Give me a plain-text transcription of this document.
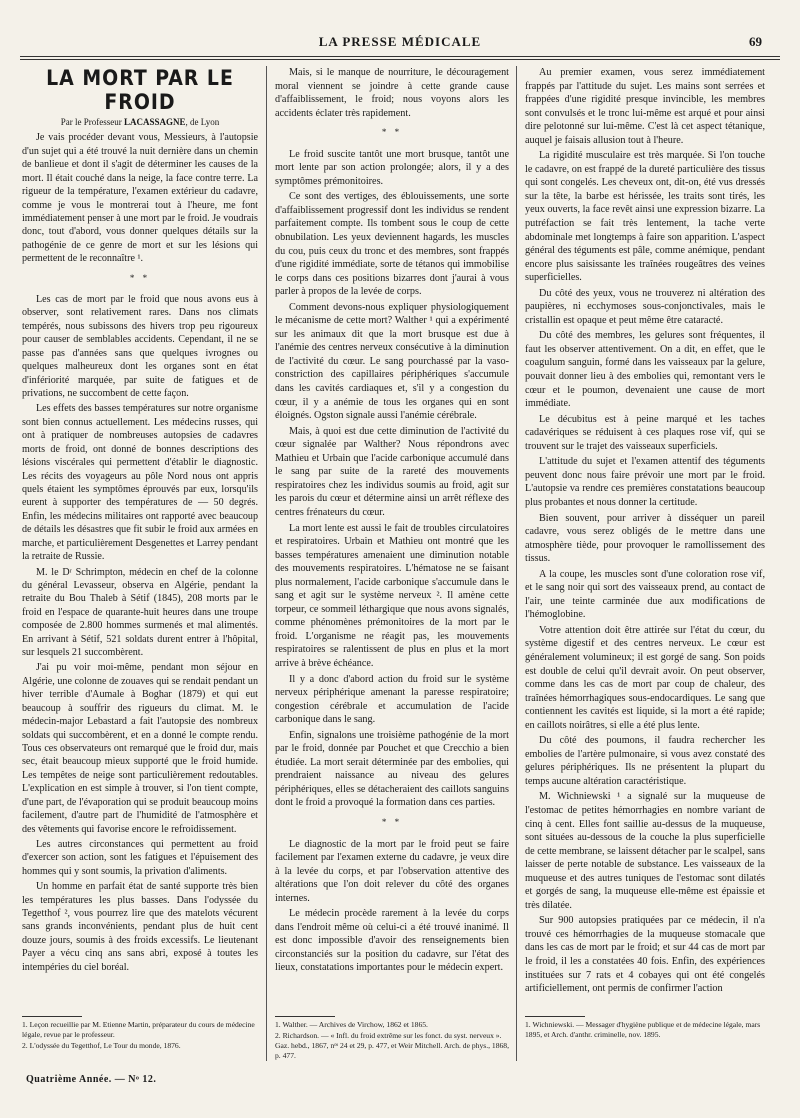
LA PRESSE MÉDICALE	69

LA MORT PAR LE FROID

Par le Professeur LACASSAGNE, de Lyon

Je vais procéder devant vous, Messieurs, à l'autopsie d'un sujet qui a été trouvé la nuit dernière dans un chemin de banlieue et dont il s'agit de déterminer les causes de la mort. Il était couché dans la neige, la face contre terre. La rigueur de la température, l'examen extérieur du cadavre, comme je vous le montrerai tout à l'heure, me font immédiatement penser à une mort par le froid. Je voudrais donc, tout d'abord, vous donner quelques détails sur la pathogénie de ce genre de mort et sur les lésions qui permettent de le reconnaître ¹.

* *

Les cas de mort par le froid que nous avons eus à observer, sont relativement rares. Dans nos climats tempérés, nous subissons des hivers trop peu rigoureux pour causer de semblables accidents. Cependant, il ne se passe pas d'années sans que quelques ivrognes ou quelques malheureux dont les organes sont en état d'infériorité marquée, par suite de fatigues et de privations, ne succombent de cette façon.

Les effets des basses températures sur notre organisme sont bien connus actuellement. Les médecins russes, qui ont à pratiquer de nombreuses autopsies de cadavres morts de froid, ont donné de bonnes descriptions des lésions viscérales qui permettent d'établir le diagnostic. Les récits des voyageurs au pôle Nord nous ont appris quels étaient les symptômes éprouvés par eux, lorsqu'ils eurent à supporter des températures de — 50 degrés. Enfin, les médecins militaires ont rapporté avec beaucoup de détails les désastres que fit subir le froid aux armées en marche, et particulièrement Desgenettes et Larrey pendant la retraite de Russie.

M. le Dʳ Schrimpton, médecin en chef de la colonne du général Levasseur, observa en Algérie, pendant la retraite du Bou Thaleb à Sétif (1845), 208 morts par le froid en l'espace de quarante-huit heures dans une troupe composée de 2.800 hommes surmenés et mal alimentés. En arrivant à Sétif, 521 soldats durent entrer à l'hôpital, sur lesquels 21 succombèrent.

J'ai pu voir moi-même, pendant mon séjour en Algérie, une colonne de zouaves qui se rendait pendant un hiver terrible d'Aumale à Boghar (1879) et qui eut beaucoup à souffrir des rigueurs du climat. M. le médecin-major Lebastard a fait l'autopsie des nombreux soldats qui succombèrent, et en a donné le compte rendu. Tous ces observateurs ont remarqué que le froid dur, mais sec, était beaucoup mieux supporté que le froid humide. Les tempêtes de neige sont particulièrement redoutables. L'explication en est simple à trouver, si l'on tient compte, d'une part, de l'évaporation qui se produit beaucoup moins facilement, d'autre part de l'humidité de l'atmosphère et des vêtements qui favorise encore le refroidissement.

Les autres circonstances qui permettent au froid d'exercer son action, sont les fatigues et l'épuisement des hommes qui y sont soumis, la privation d'aliments.

Un homme en parfait état de santé supporte très bien les températures les plus basses. Dans l'odyssée du Tegetthof ², vous pourrez lire que des matelots vécurent sans grands inconvénients, pendant plus de huit cent douze jours, soumis à des froids excessifs. Le lieutenant Payer a vécu cinq ans sans abri, exposé à toutes les intempéries du ciel boréal.

Mais, si le manque de nourriture, le découragement moral viennent se joindre à cette grande cause d'affaiblissement, le froid; nous voyons alors les accidents éclater très rapidement.

* *

Le froid suscite tantôt une mort brusque, tantôt une mort lente par son action prolongée; alors, il y a des symptômes prémonitoires.

Ce sont des vertiges, des éblouissements, une sorte d'affaiblissement progressif dont les individus se rendent parfaitement compte. Ils tombent sous le coup de cette obnubilation. Les yeux deviennent hagards, les muscles du cou, puis ceux du tronc et des membres, sont frappés d'une rigidité immédiate, sorte de tétanos qui immobilise le corps dans ces positions bizarres dont j'aurai à vous parler à propos de la levée de corps.

Comment devons-nous expliquer physiologiquement le mécanisme de cette mort? Walther ¹ qui a expérimenté sur les animaux dit que la mort brusque est due à l'anémie des centres nerveux consécutive à la diminution de l'activité du cœur. Le sang pourchassé par la vaso-constriction des capillaires périphériques s'accumule dans les cavités cardiaques et, s'il y a congestion du cœur, il y a anémie de tous les organes qui en sont éloignés. Ogston signale aussi l'anémie cérébrale.

Mais, à quoi est due cette diminution de l'activité du cœur signalée par Walther? Nous répondrons avec Mathieu et Urbain que l'acide carbonique accumulé dans le sang par suite de la rareté des mouvements respiratoires chez les individus soumis au froid, agit sur les parois du cœur et détermine ainsi un arrêt réflexe des centres frénateurs du cœur.

La mort lente est aussi le fait de troubles circulatoires et respiratoires. Urbain et Mathieu ont montré que les basses températures amenaient une diminution notable des mouvements respiratoires. L'hématose ne se faisant plus normalement, l'acide carbonique s'accumule dans le sang et agit sur le système nerveux ². Il amène cette torpeur, ce sommeil léthargique que nous avons signalés, comme phénomènes prémonitoires de la mort par le froid. L'organisme ne réagit pas, les mouvements respiratoires se ralentissent de plus en plus et la mort arrive à brève échéance.

Il y a donc d'abord action du froid sur le système nerveux périphérique amenant la paresse respiratoire; congestion cérébrale et accumulation de l'acide carbonique dans le sang.

Enfin, signalons une troisième pathogénie de la mort par le froid, donnée par Pouchet et que Crecchio a bien étudiée. La mort serait déterminée par des embolies, qui prendraient naissance au niveau des gelures périphériques, elles se détacheraient des caillots sanguins dont le froid a provoqué la formation dans ces parties.

* *

Le diagnostic de la mort par le froid peut se faire facilement par l'examen externe du cadavre, je veux dire à la levée du corps, et par l'observation attentive des altérations que l'on doit relever du côté des organes internes.

Le médecin procède rarement à la levée du corps dans l'endroit même où celui-ci a été trouvé inanimé. Il est donc impossible d'avoir des renseignements bien circonstanciés sur la position du cadavre, sur l'état des lieux, constatations importantes pour le médecin expert.

Au premier examen, vous serez immédiatement frappés par l'attitude du sujet. Les mains sont serrées et frappées d'une rigidité presque invincible, les membres sont convulsés et le tronc lui-même est arqué et pour ainsi dire pelotonné sur lui-même. C'est là cet aspect tétanique, auquel je faisais allusion tout à l'heure.

La rigidité musculaire est très marquée. Si l'on touche le cadavre, on est frappé de la dureté particulière des tissus qui sont congelés. Les cheveux ont, dit-on, été vus dressés sur la tête, la barbe est hérissée, les traits sont tirés, les yeux ouverts, la face revêt ainsi une expression bizarre. La putréfaction se fait très lentement, la tache verte abdominale met longtemps à faire son apparition. L'aspect général des téguments est pâle, comme anémique, pendant encore plus saisissante les traînées rougeâtres des veines superficielles.

Du côté des yeux, vous ne trouverez ni altération des paupières, ni ecchymoses sous-conjonctivales, mais le cristallin est opaque et peut même être cataracté.

Du côté des membres, les gelures sont fréquentes, il faut les observer attentivement. On a dit, en effet, que le coagulum sanguin, formé dans les vaisseaux par la gelure, pouvait donner lieu à des embolies qui, remontant vers le cœur et le poumon, devenaient une cause de mort immédiate.

Le décubitus est à peine marqué et les taches cadavériques se réduisent à ces plaques rose vif, qui se trouvent sur le trajet des vaisseaux superficiels.

L'attitude du sujet et l'examen attentif des téguments peuvent donc nous faire prévoir une mort par le froid. L'autopsie va rendre ces premières constatations beaucoup plus probantes et nous donner la certitude.

Bien souvent, pour arriver à disséquer un pareil cadavre, vous serez obligés de le mettre dans une atmosphère tiède, pour provoquer le ramollissement des tissus.

A la coupe, les muscles sont d'une coloration rose vif, et le sang noir qui sort des vaisseaux prend, au contact de l'air, une teinte carminée due aux modifications de l'hémoglobine.

Votre attention doit être attirée sur l'état du cœur, du système digestif et des centres nerveux. Le cœur est généralement volumineux; il est gorgé de sang. Son poids est double de celui qu'il devrait avoir. On peut observer, comme dans les cas de mort par coup de chaleur, des traînées hémorrhagiques sous-endocardiques. Le sang que contiennent les cavités est liquide, si la mort a été rapide; en caillots noirâtres, si elle a été plus lente.

Du côté des poumons, il faudra rechercher les embolies de l'artère pulmonaire, si vous avez constaté des gelures périphériques. Ils ne présentent la plupart du temps aucune altération caractéristique.

M. Wichniewski ¹ a signalé sur la muqueuse de l'estomac de petites hémorrhagies en nombre variant de cinq à cent. Elles font saillie au-dessus de la muqueuse, sont situées au-dessous de la couche la plus superficielle de cette membrane, se laissent détacher par le scalpel, sans laisser de perte notable de substance. Les vaisseaux de la muqueuse et des autres tuniques de l'estomac sont dilatés et gorgés de sang, la muqueuse elle-même est épaissie et très dilatée.

Sur 900 autopsies pratiquées par ce médecin, il n'a trouvé ces hémorrhagies de la muqueuse stomacale que dans les cas de mort par le froid; et sur 44 cas de mort par le froid, il les a constatées 40 fois. Enfin, des expériences instituées sur 7 rats et 4 cobayes qui ont été congelés artificiellement, ont permis de confirmer l'action

1. Leçon recueillie par M. Etienne Martin, préparateur du cours de médecine légale, revue par le professeur.
2. L'odyssée du Tegetthof, Le Tour du monde, 1876.
1. Walther. — Archives de Virchow, 1862 et 1865.
2. Richardson. — « Infl. du froid extrême sur les fonct. du syst. nerveux ». Gaz. hebd., 1867, nᵒˢ 24 et 29, p. 477, et Weir Mitchell. Arch. de phys., 1868, p. 477.
1. Wichniewski. — Messager d'hygiène publique et de médecine légale, mars 1895, et Arch. d'anthr. criminelle, nov. 1895.
Quatrième Année. — Nᵒ 12.
